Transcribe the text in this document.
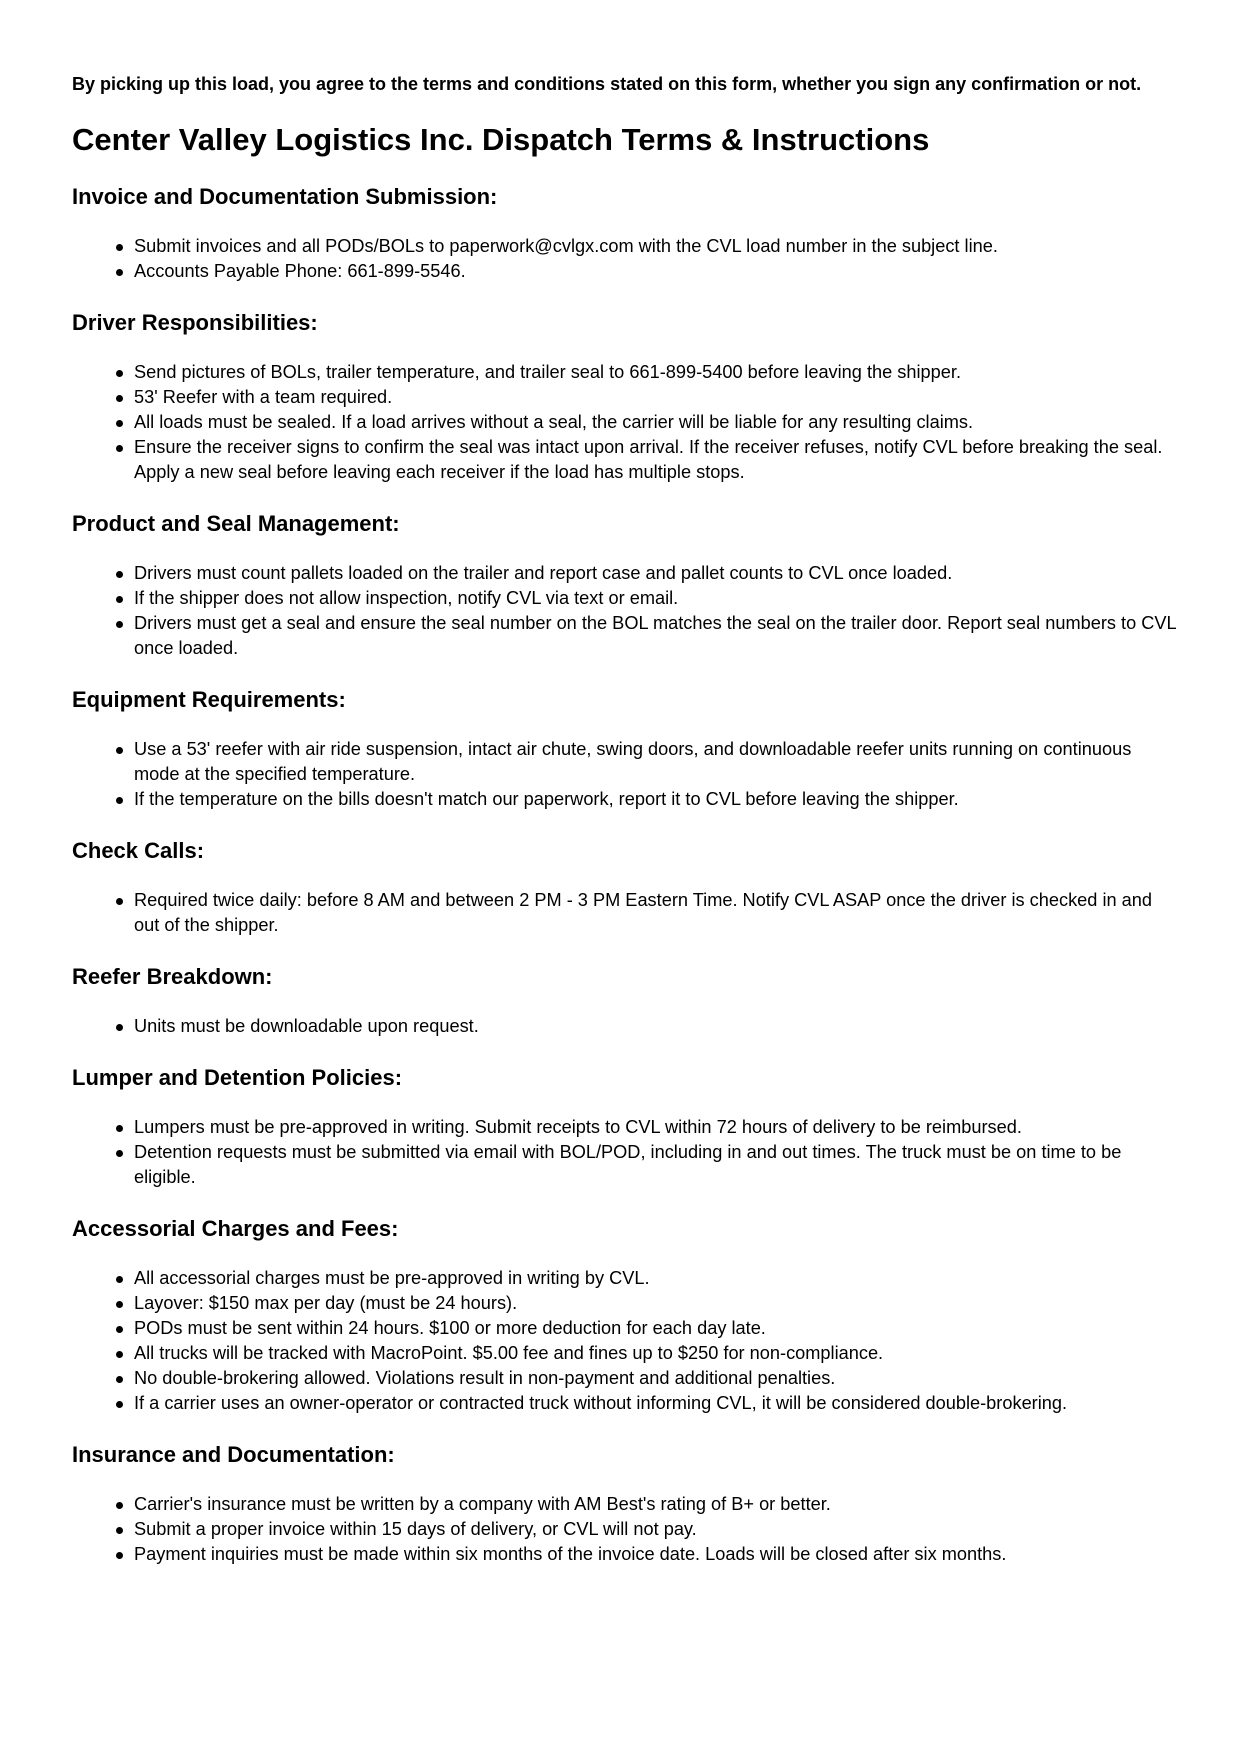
By picking up this load, you agree to the terms and conditions stated on this form, whether you sign any confirmation or not.

Center Valley Logistics Inc. Dispatch Terms & Instructions
Invoice and Documentation Submission:
Submit invoices and all PODs/BOLs to paperwork@cvlgx.com with the CVL load number in the subject line.
Accounts Payable Phone: 661-899-5546.
Driver Responsibilities:
Send pictures of BOLs, trailer temperature, and trailer seal to 661-899-5400 before leaving the shipper.
53' Reefer with a team required.
All loads must be sealed. If a load arrives without a seal, the carrier will be liable for any resulting claims.
Ensure the receiver signs to confirm the seal was intact upon arrival. If the receiver refuses, notify CVL before breaking the seal. Apply a new seal before leaving each receiver if the load has multiple stops.
Product and Seal Management:
Drivers must count pallets loaded on the trailer and report case and pallet counts to CVL once loaded.
If the shipper does not allow inspection, notify CVL via text or email.
Drivers must get a seal and ensure the seal number on the BOL matches the seal on the trailer door. Report seal numbers to CVL once loaded.
Equipment Requirements:
Use a 53' reefer with air ride suspension, intact air chute, swing doors, and downloadable reefer units running on continuous mode at the specified temperature.
If the temperature on the bills doesn't match our paperwork, report it to CVL before leaving the shipper.
Check Calls:
Required twice daily: before 8 AM and between 2 PM - 3 PM Eastern Time. Notify CVL ASAP once the driver is checked in and out of the shipper.
Reefer Breakdown:
Units must be downloadable upon request.
Lumper and Detention Policies:
Lumpers must be pre-approved in writing. Submit receipts to CVL within 72 hours of delivery to be reimbursed.
Detention requests must be submitted via email with BOL/POD, including in and out times. The truck must be on time to be eligible.
Accessorial Charges and Fees:
All accessorial charges must be pre-approved in writing by CVL.
Layover: $150 max per day (must be 24 hours).
PODs must be sent within 24 hours. $100 or more deduction for each day late.
All trucks will be tracked with MacroPoint. $5.00 fee and fines up to $250 for non-compliance.
No double-brokering allowed. Violations result in non-payment and additional penalties.
If a carrier uses an owner-operator or contracted truck without informing CVL, it will be considered double-brokering.
Insurance and Documentation:
Carrier's insurance must be written by a company with AM Best's rating of B+ or better.
Submit a proper invoice within 15 days of delivery, or CVL will not pay.
Payment inquiries must be made within six months of the invoice date. Loads will be closed after six months.
